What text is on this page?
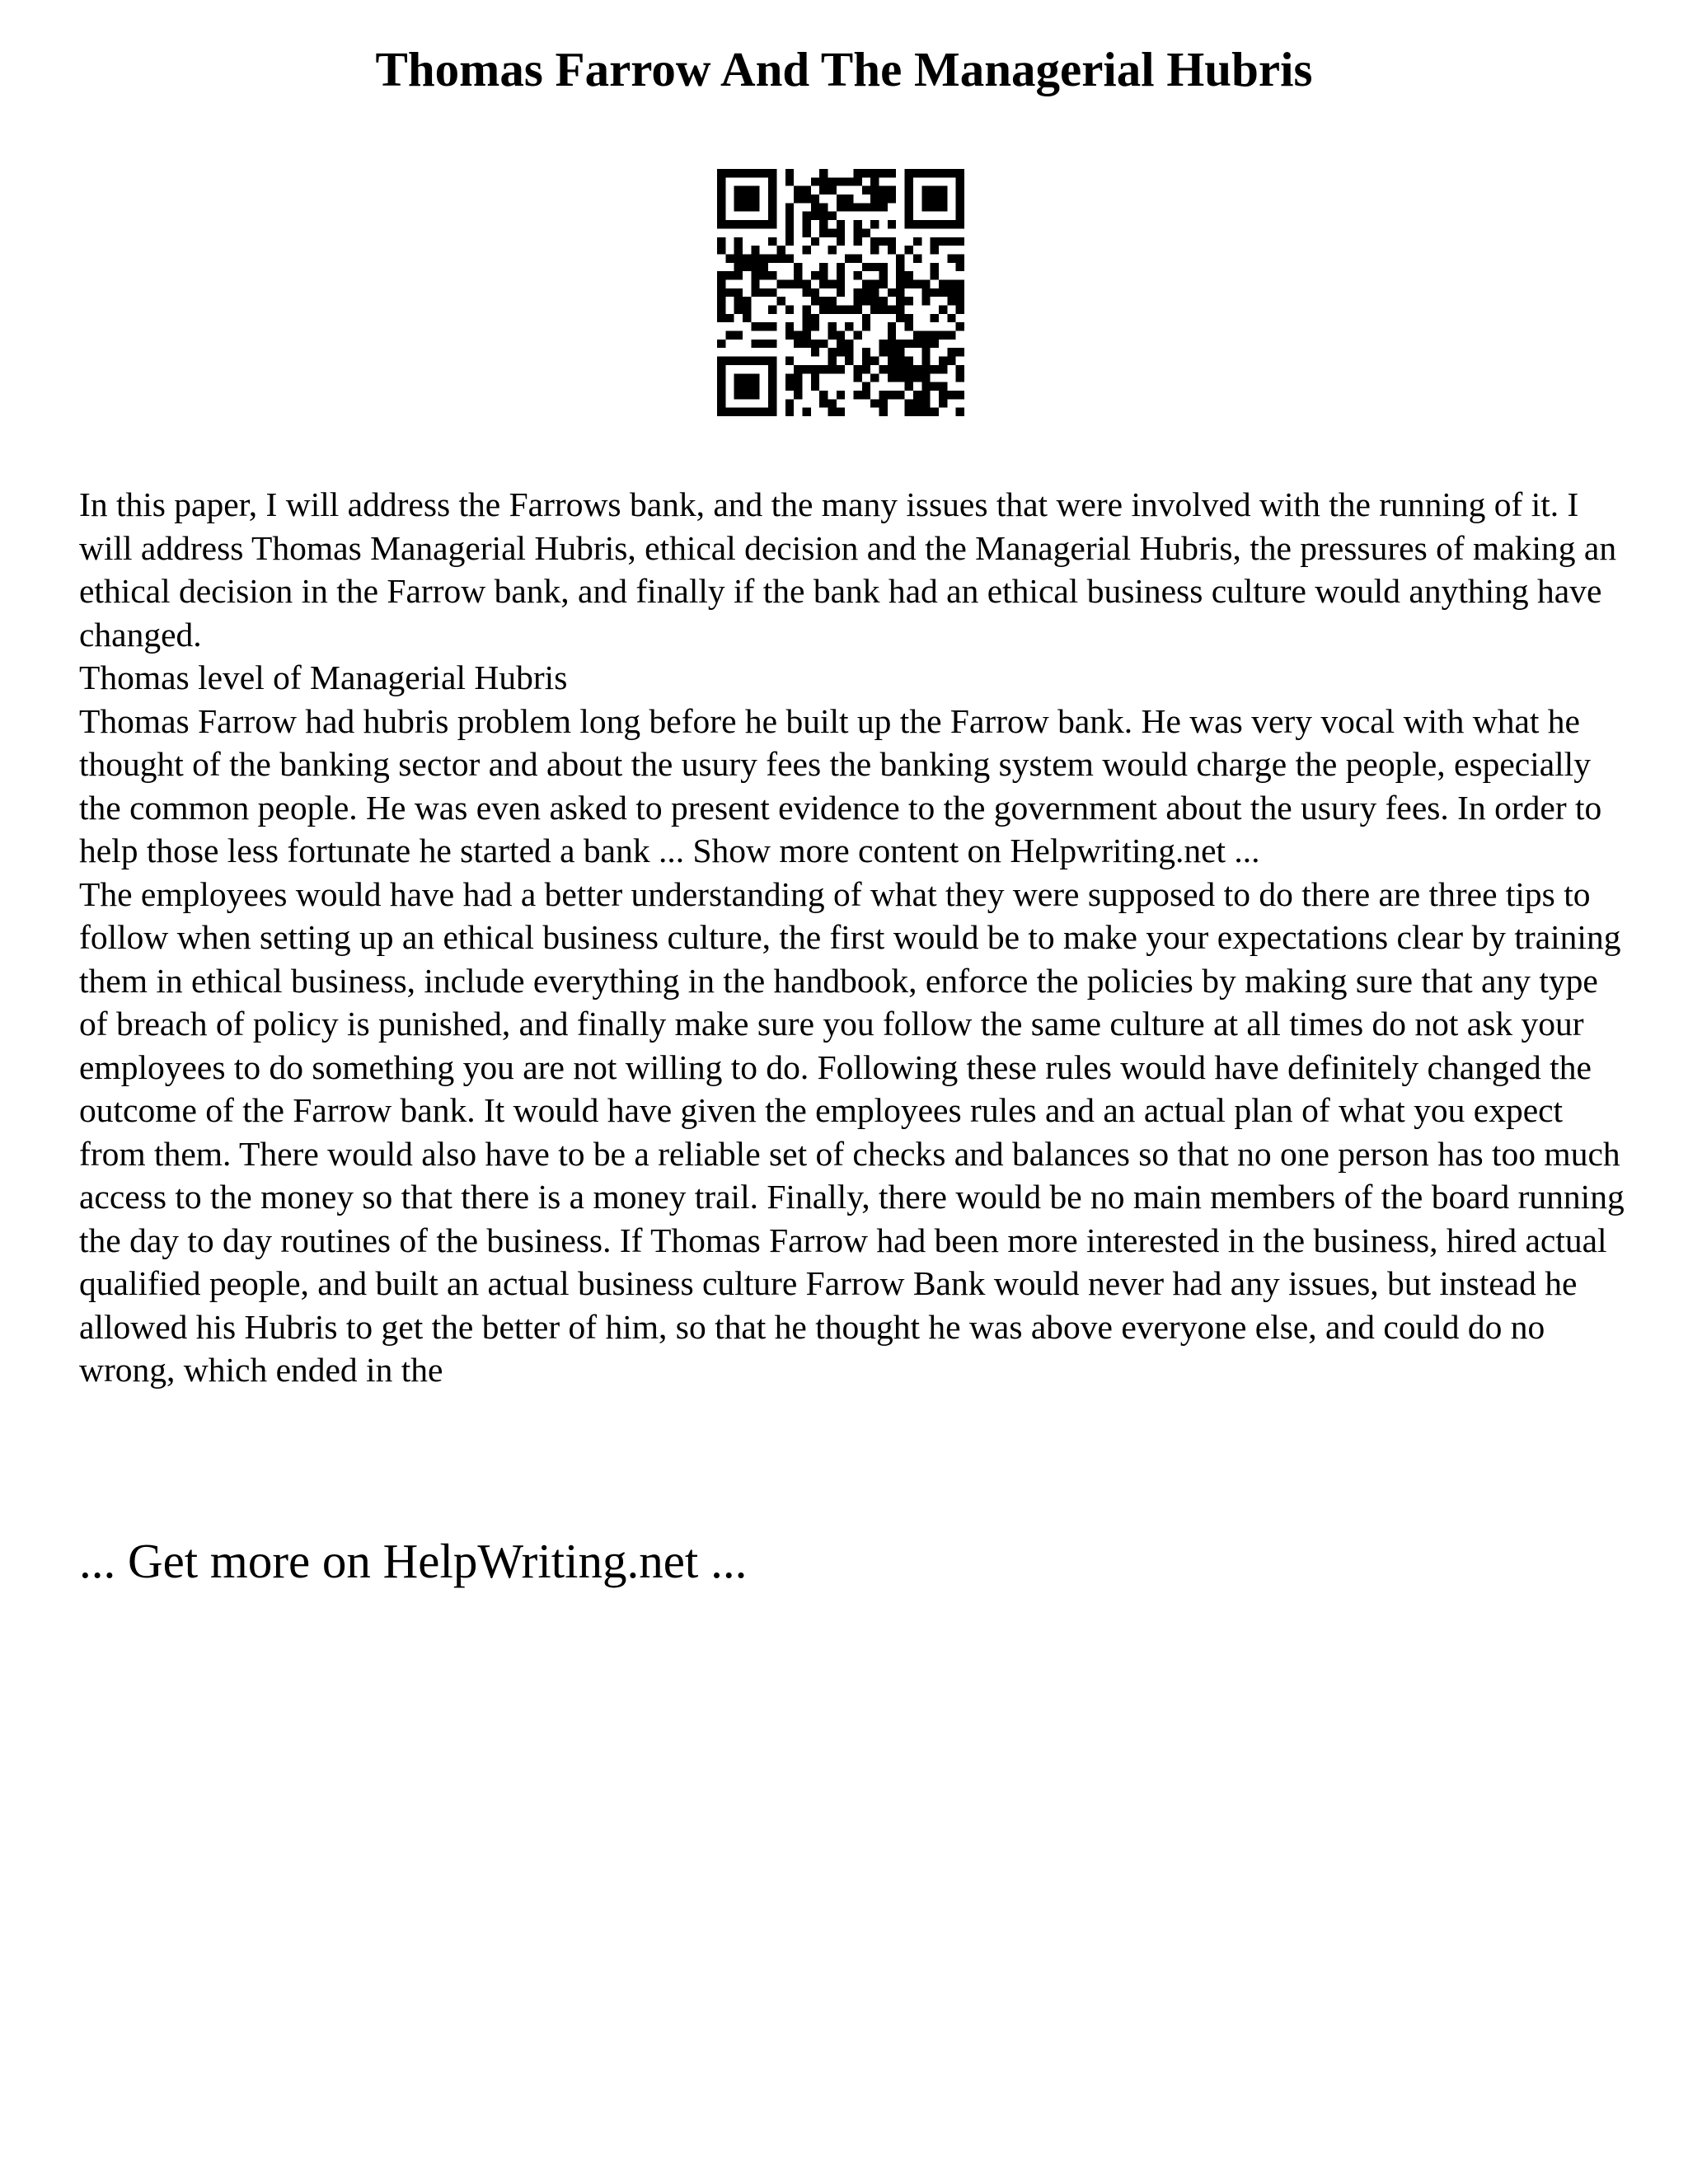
Thomas Farrow And The Managerial Hubris

In this paper, I will address the Farrows bank, and the many issues that were involved with the running of it. I will address Thomas Managerial Hubris, ethical decision and the Managerial Hubris, the pressures of making an ethical decision in the Farrow bank, and finally if the bank had an ethical business culture would anything have changed.

Thomas level of Managerial Hubris

Thomas Farrow had hubris problem long before he built up the Farrow bank. He was very vocal with what he thought of the banking sector and about the usury fees the banking system would charge the people, especially the common people. He was even asked to present evidence to the government about the usury fees. In order to help those less fortunate he started a bank ... Show more content on Helpwriting.net ...

The employees would have had a better understanding of what they were supposed to do there are three tips to follow when setting up an ethical business culture, the first would be to make your expectations clear by training them in ethical business, include everything in the handbook, enforce the policies by making sure that any type of breach of policy is punished, and finally make sure you follow the same culture at all times do not ask your employees to do something you are not willing to do. Following these rules would have definitely changed the outcome of the Farrow bank. It would have given the employees rules and an actual plan of what you expect from them. There would also have to be a reliable set of checks and balances so that no one person has too much access to the money so that there is a money trail. Finally, there would be no main members of the board running the day to day routines of the business. If Thomas Farrow had been more interested in the business, hired actual qualified people, and built an actual business culture Farrow Bank would never had any issues, but instead he allowed his Hubris to get the better of him, so that he thought he was above everyone else, and could do no wrong, which ended in the

... Get more on HelpWriting.net ...
